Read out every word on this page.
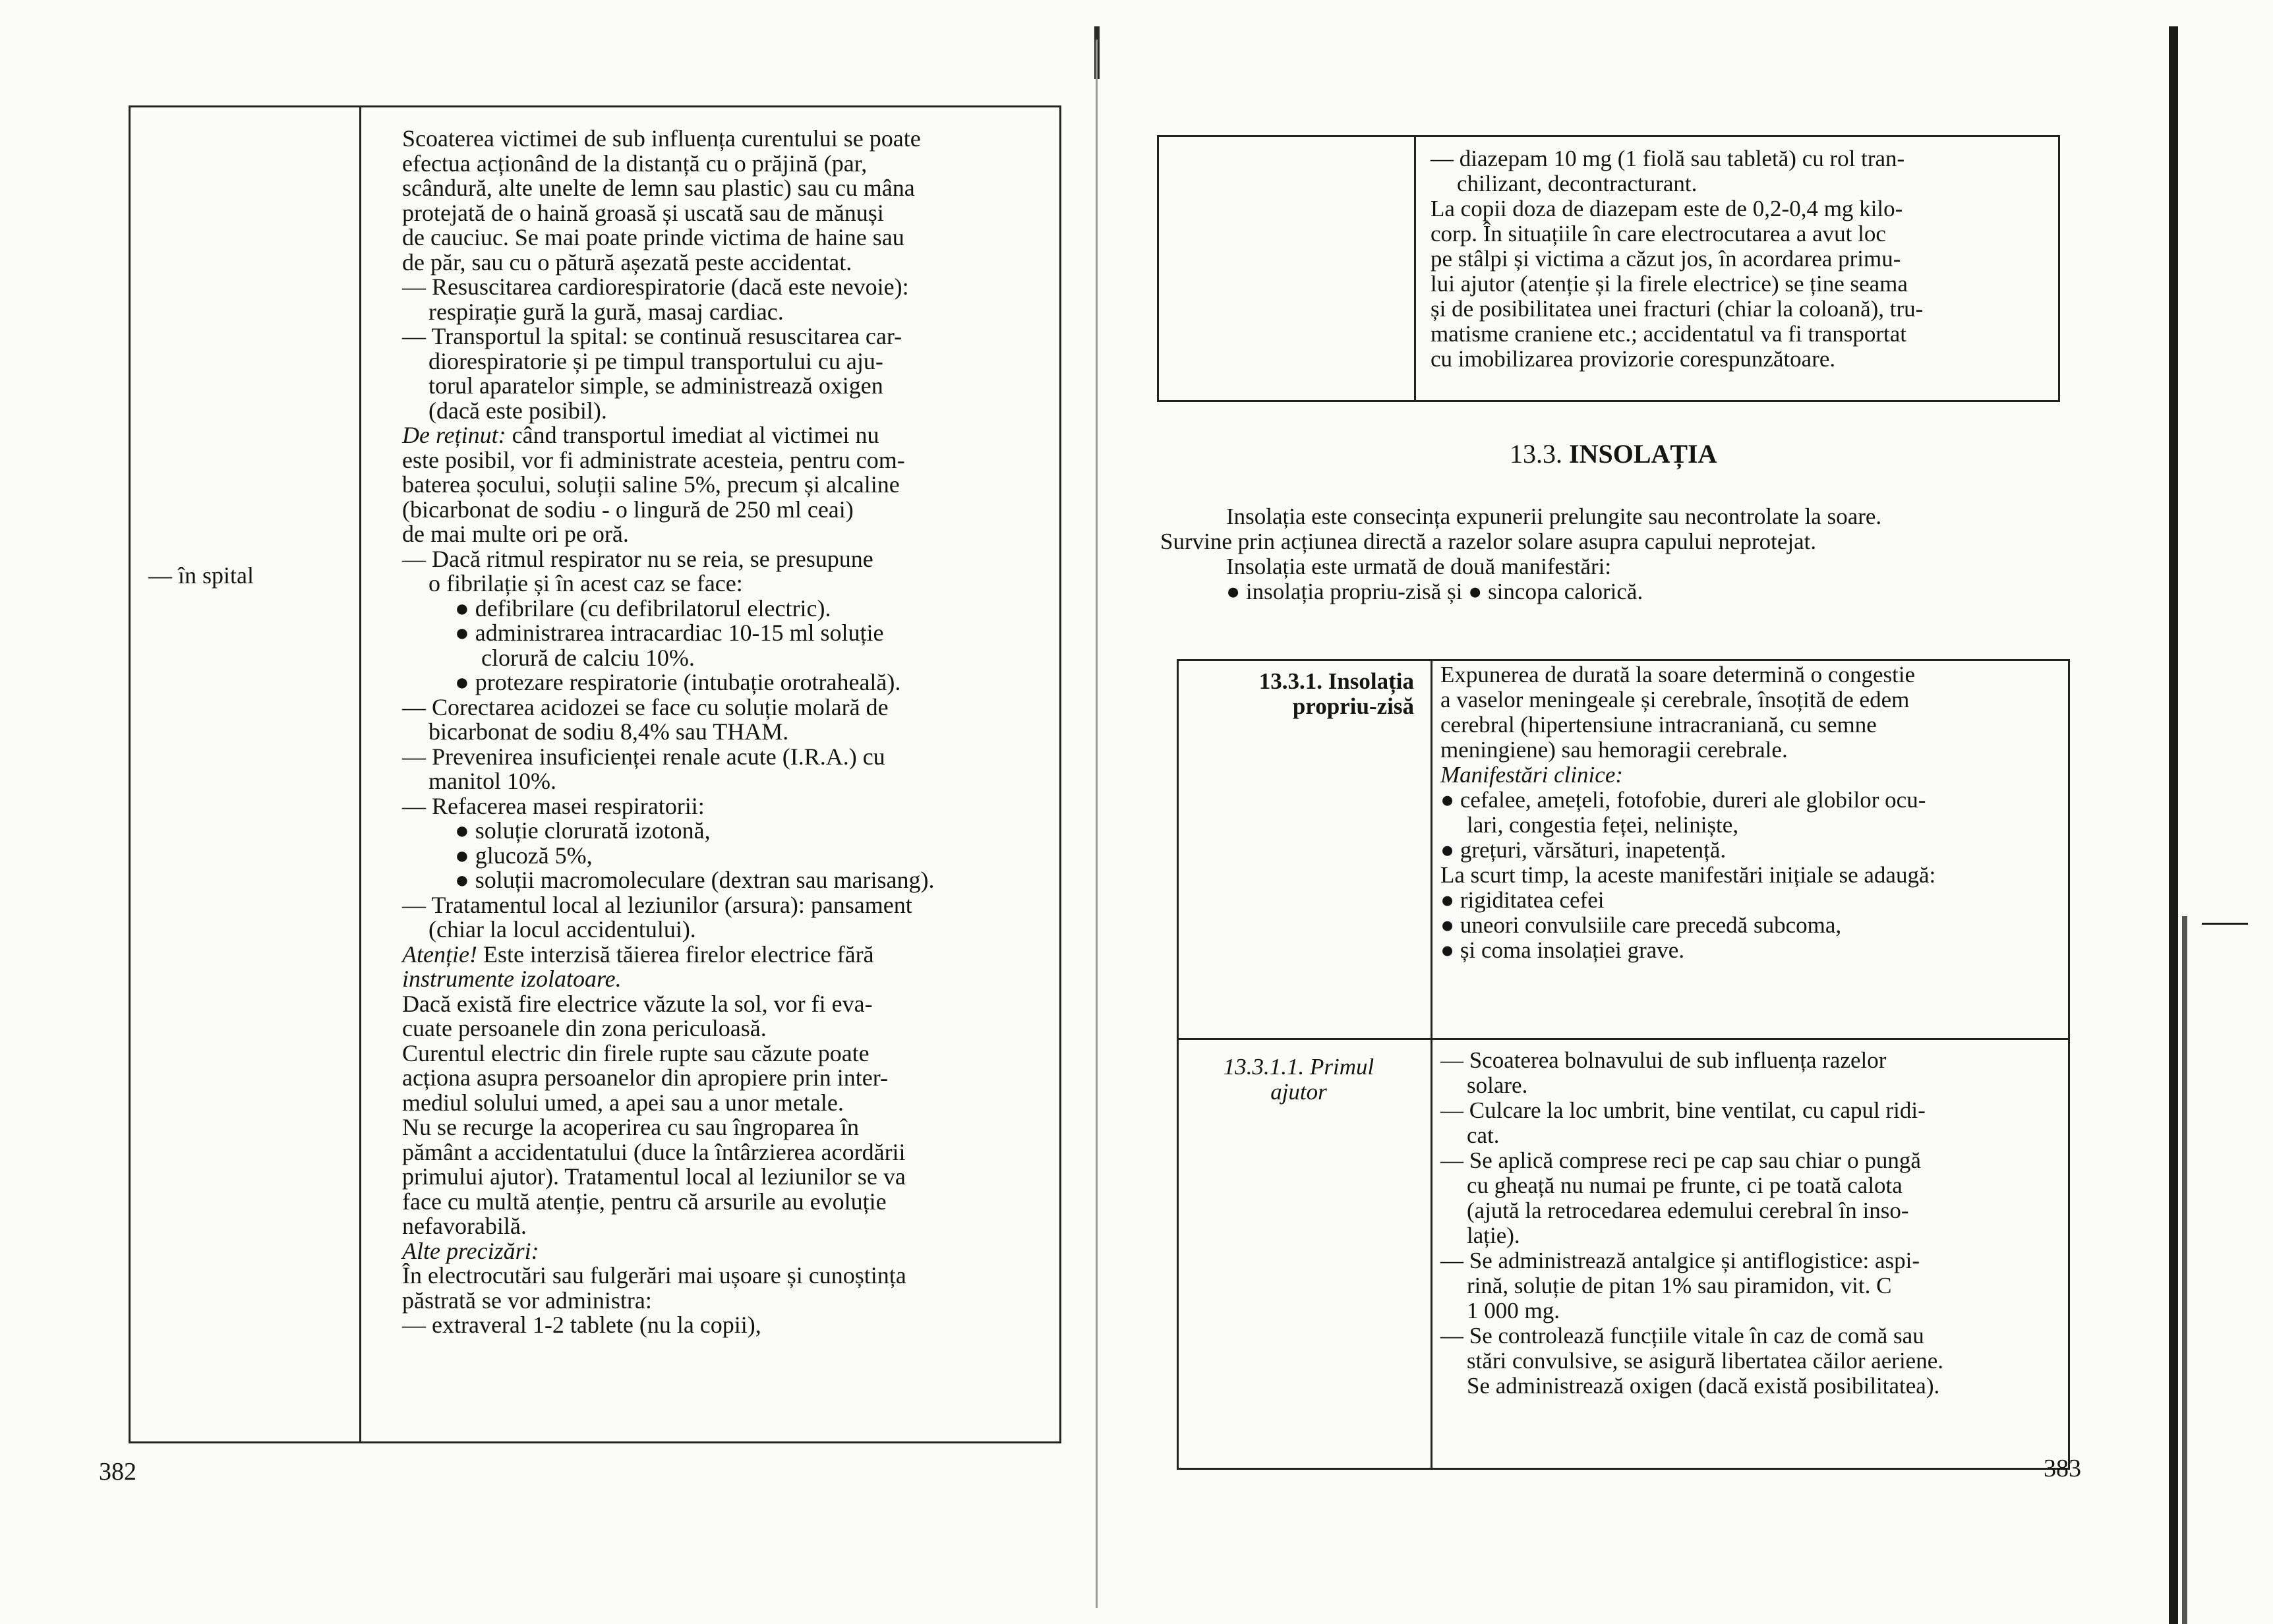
— în spital
Scoaterea victimei de sub influența curentului se poate
efectua acționând de la distanță cu o prăjină (par,
scândură, alte unelte de lemn sau plastic) sau cu mâna
protejată de o haină groasă și uscată sau de mănuși
de cauciuc. Se mai poate prinde victima de haine sau
de păr, sau cu o pătură așezată peste accidentat.
— Resuscitarea cardiorespiratorie (dacă este nevoie):
respirație gură la gură, masaj cardiac.
— Transportul la spital: se continuă resuscitarea car-
diorespiratorie și pe timpul transportului cu aju-
torul aparatelor simple, se administrează oxigen
(dacă este posibil).
De reținut: când transportul imediat al victimei nu
este posibil, vor fi administrate acesteia, pentru com-
baterea șocului, soluții saline 5%, precum și alcaline
(bicarbonat de sodiu - o lingură de 250 ml ceai)
de mai multe ori pe oră.
— Dacă ritmul respirator nu se reia, se presupune
o fibrilație și în acest caz se face:
● defibrilare (cu defibrilatorul electric).
● administrarea intracardiac 10-15 ml soluție
clorură de calciu 10%.
● protezare respiratorie (intubație orotraheală).
— Corectarea acidozei se face cu soluție molară de
bicarbonat de sodiu 8,4% sau THAM.
— Prevenirea insuficienței renale acute (I.R.A.) cu
manitol 10%.
— Refacerea masei respiratorii:
● soluție clorurată izotonă,
● glucoză 5%,
● soluții macromoleculare (dextran sau marisang).
— Tratamentul local al leziunilor (arsura): pansament
(chiar la locul accidentului).
Atenție! Este interzisă tăierea firelor electrice fără
instrumente izolatoare.
Dacă există fire electrice văzute la sol, vor fi eva-
cuate persoanele din zona periculoasă.
Curentul electric din firele rupte sau căzute poate
acționa asupra persoanelor din apropiere prin inter-
mediul solului umed, a apei sau a unor metale.
Nu se recurge la acoperirea cu sau îngroparea în
pământ a accidentatului (duce la întârzierea acordării
primului ajutor). Tratamentul local al leziunilor se va
face cu multă atenție, pentru că arsurile au evoluție
nefavorabilă.
Alte precizări:
În electrocutări sau fulgerări mai ușoare și cunoștința
păstrată se vor administra:
— extraveral 1-2 tablete (nu la copii),
382
— diazepam 10 mg (1 fiolă sau tabletă) cu rol tran-
chilizant, decontracturant.
La copii doza de diazepam este de 0,2-0,4 mg kilo-
corp. În situațiile în care electrocutarea a avut loc
pe stâlpi și victima a căzut jos, în acordarea primu-
lui ajutor (atenție și la firele electrice) se ține seama
și de posibilitatea unei fracturi (chiar la coloană), tru-
matisme craniene etc.; accidentatul va fi transportat
cu imobilizarea provizorie corespunzătoare.
13.3. INSOLAȚIA
Insolația este consecința expunerii prelungite sau necontrolate la soare.
Survine prin acțiunea directă a razelor solare asupra capului neprotejat.
Insolația este urmată de două manifestări:
● insolația propriu-zisă și ● sincopa calorică.
13.3.1. Insolația
propriu-zisă
Expunerea de durată la soare determină o congestie
a vaselor meningeale și cerebrale, însoțită de edem
cerebral (hipertensiune intracraniană, cu semne
meningiene) sau hemoragii cerebrale.
Manifestări clinice:
● cefalee, amețeli, fotofobie, dureri ale globilor ocu-
lari, congestia feței, neliniște,
● grețuri, vărsături, inapetență.
La scurt timp, la aceste manifestări inițiale se adaugă:
● rigiditatea cefei
● uneori convulsiile care precedă subcoma,
● și coma insolației grave.
13.3.1.1. Primul
ajutor
— Scoaterea bolnavului de sub influența razelor
solare.
— Culcare la loc umbrit, bine ventilat, cu capul ridi-
cat.
— Se aplică comprese reci pe cap sau chiar o pungă
cu gheață nu numai pe frunte, ci pe toată calota
(ajută la retrocedarea edemului cerebral în inso-
lație).
— Se administrează antalgice și antiflogistice: aspi-
rină, soluție de pitan 1% sau piramidon, vit. C
1 000 mg.
— Se controlează funcțiile vitale în caz de comă sau
stări convulsive, se asigură libertatea căilor aeriene.
Se administrează oxigen (dacă există posibilitatea).
383
